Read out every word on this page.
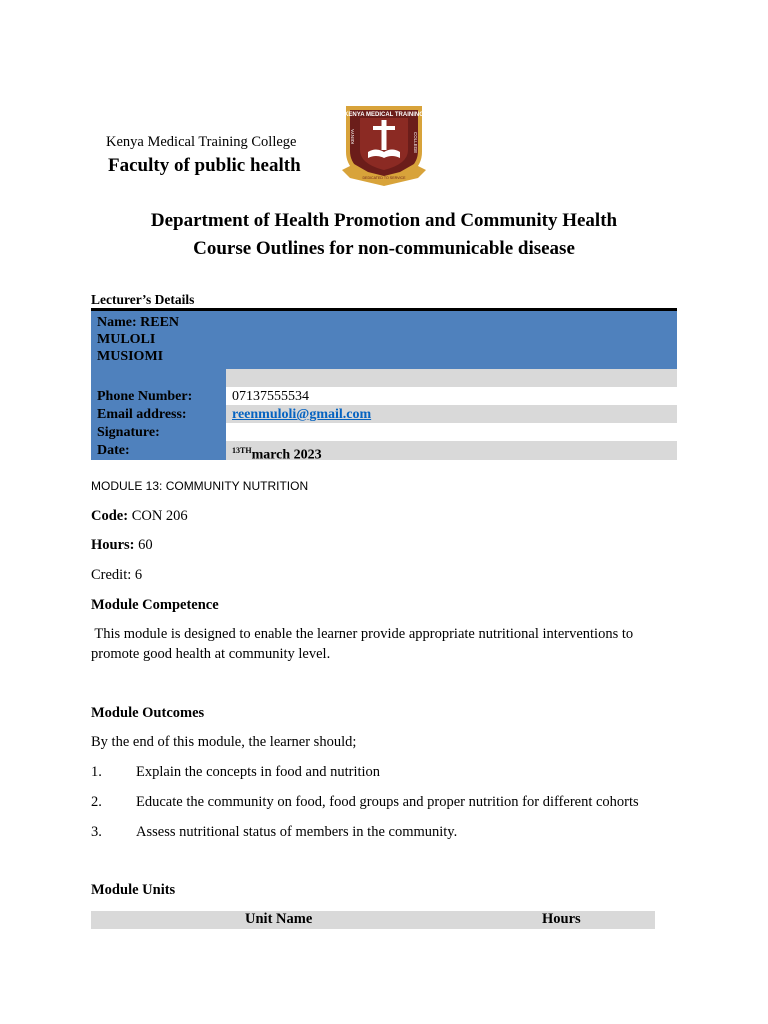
Kenya Medical Training College
Faculty of public health
KENYA MEDICAL TRAINING
KENYA	COLLEGE
DEDICATED TO SERVICE
Department of Health Promotion and Community Health
Course Outlines for non-communicable disease
Lecturer’s Details
Name: REEN
MULOLI
MUSIOMI
Phone Number:	07137555534
Email address:	reenmuloli@gmail.com
Signature:
Date:	$^{13TH}$march 2023
MODULE 13: COMMUNITY NUTRITION
Code: CON 206
Hours: 60
Credit: 6
Module Competence
This module is designed to enable the learner provide appropriate nutritional interventions to
promote good health at community level.
Module Outcomes
By the end of this module, the learner should;
1. Explain the concepts in food and nutrition
2. Educate the community on food, food groups and proper nutrition for different cohorts
3. Assess nutritional status of members in the community.
Module Units
Unit Name	Hours
